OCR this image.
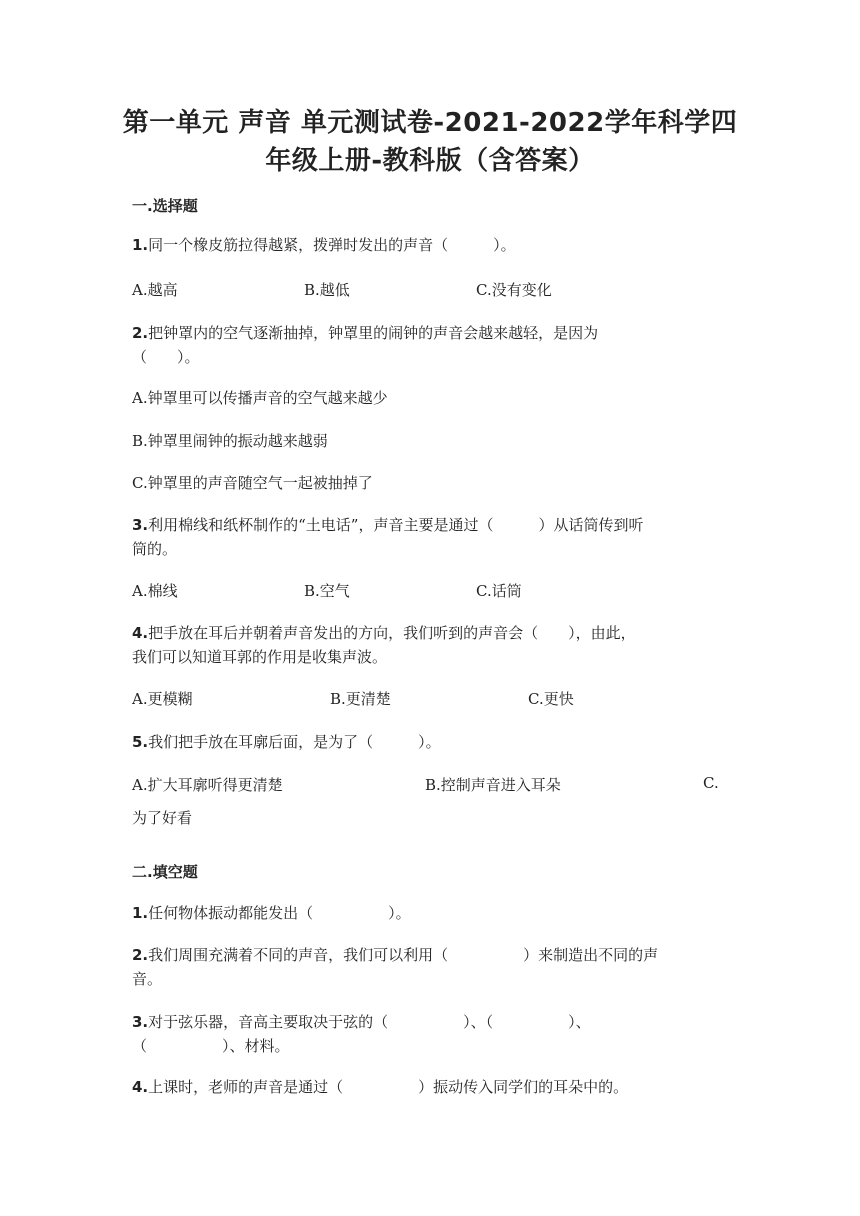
第一单元 声音 单元测试卷-2021-2022学年科学四
年级上册-教科版（含答案）
一.选择题
1.同一个橡皮筋拉得越紧，拨弹时发出的声音（　　　）。
A.越高	B.越低	C.没有变化
2.把钟罩内的空气逐渐抽掉，钟罩里的闹钟的声音会越来越轻，是因为
（　　）。
A.钟罩里可以传播声音的空气越来越少
B.钟罩里闹钟的振动越来越弱
C.钟罩里的声音随空气一起被抽掉了
3.利用棉线和纸杯制作的“土电话”，声音主要是通过（　　　）从话筒传到听
筒的。
A.棉线	B.空气	C.话筒
4.把手放在耳后并朝着声音发出的方向，我们听到的声音会（　　），由此，
我们可以知道耳郭的作用是收集声波。
A.更模糊	B.更清楚	C.更快
5.我们把手放在耳廓后面，是为了（　　　）。
A.扩大耳廓听得更清楚	B.控制声音进入耳朵	C.
为了好看
二.填空题
1.任何物体振动都能发出（　　　　　）。
2.我们周围充满着不同的声音，我们可以利用（　　　　　）来制造出不同的声
音。
3.对于弦乐器，音高主要取决于弦的（　　　　　）、（　　　　　）、
（　　　　　）、材料。
4.上课时，老师的声音是通过（　　　　　）振动传入同学们的耳朵中的。
